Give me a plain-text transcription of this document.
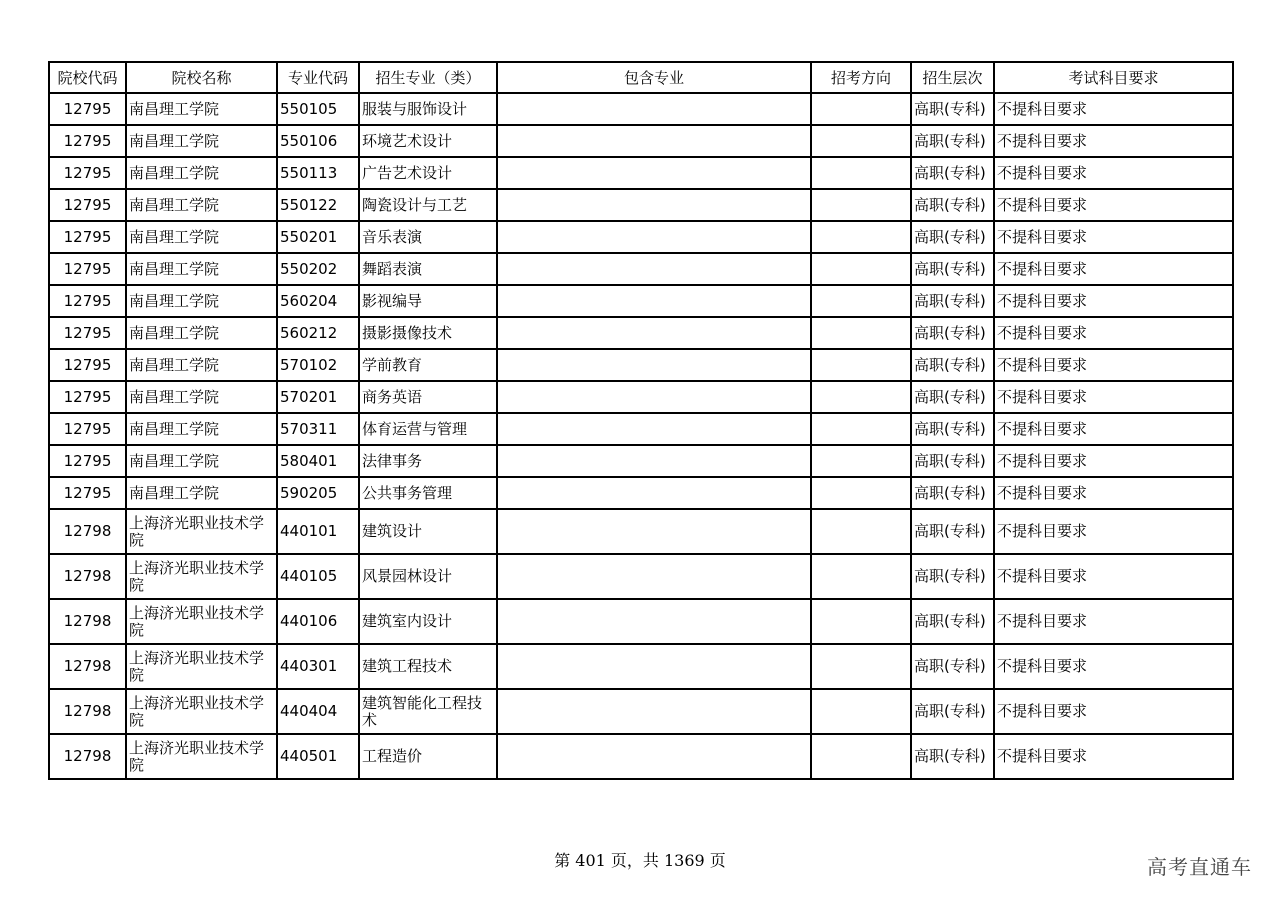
院校代码	院校名称	专业代码	招生专业（类）	包含专业	招考方向	招生层次	考试科目要求
12795	南昌理工学院	550105	服装与服饰设计			高职(专科)	不提科目要求
12795	南昌理工学院	550106	环境艺术设计			高职(专科)	不提科目要求
12795	南昌理工学院	550113	广告艺术设计			高职(专科)	不提科目要求
12795	南昌理工学院	550122	陶瓷设计与工艺			高职(专科)	不提科目要求
12795	南昌理工学院	550201	音乐表演			高职(专科)	不提科目要求
12795	南昌理工学院	550202	舞蹈表演			高职(专科)	不提科目要求
12795	南昌理工学院	560204	影视编导			高职(专科)	不提科目要求
12795	南昌理工学院	560212	摄影摄像技术			高职(专科)	不提科目要求
12795	南昌理工学院	570102	学前教育			高职(专科)	不提科目要求
12795	南昌理工学院	570201	商务英语			高职(专科)	不提科目要求
12795	南昌理工学院	570311	体育运营与管理			高职(专科)	不提科目要求
12795	南昌理工学院	580401	法律事务			高职(专科)	不提科目要求
12795	南昌理工学院	590205	公共事务管理			高职(专科)	不提科目要求
12798	上海济光职业技术学院	440101	建筑设计			高职(专科)	不提科目要求
12798	上海济光职业技术学院	440105	风景园林设计			高职(专科)	不提科目要求
12798	上海济光职业技术学院	440106	建筑室内设计			高职(专科)	不提科目要求
12798	上海济光职业技术学院	440301	建筑工程技术			高职(专科)	不提科目要求
12798	上海济光职业技术学院	440404	建筑智能化工程技术			高职(专科)	不提科目要求
12798	上海济光职业技术学院	440501	工程造价			高职(专科)	不提科目要求
第 401 页，共 1369 页	高考直通车
